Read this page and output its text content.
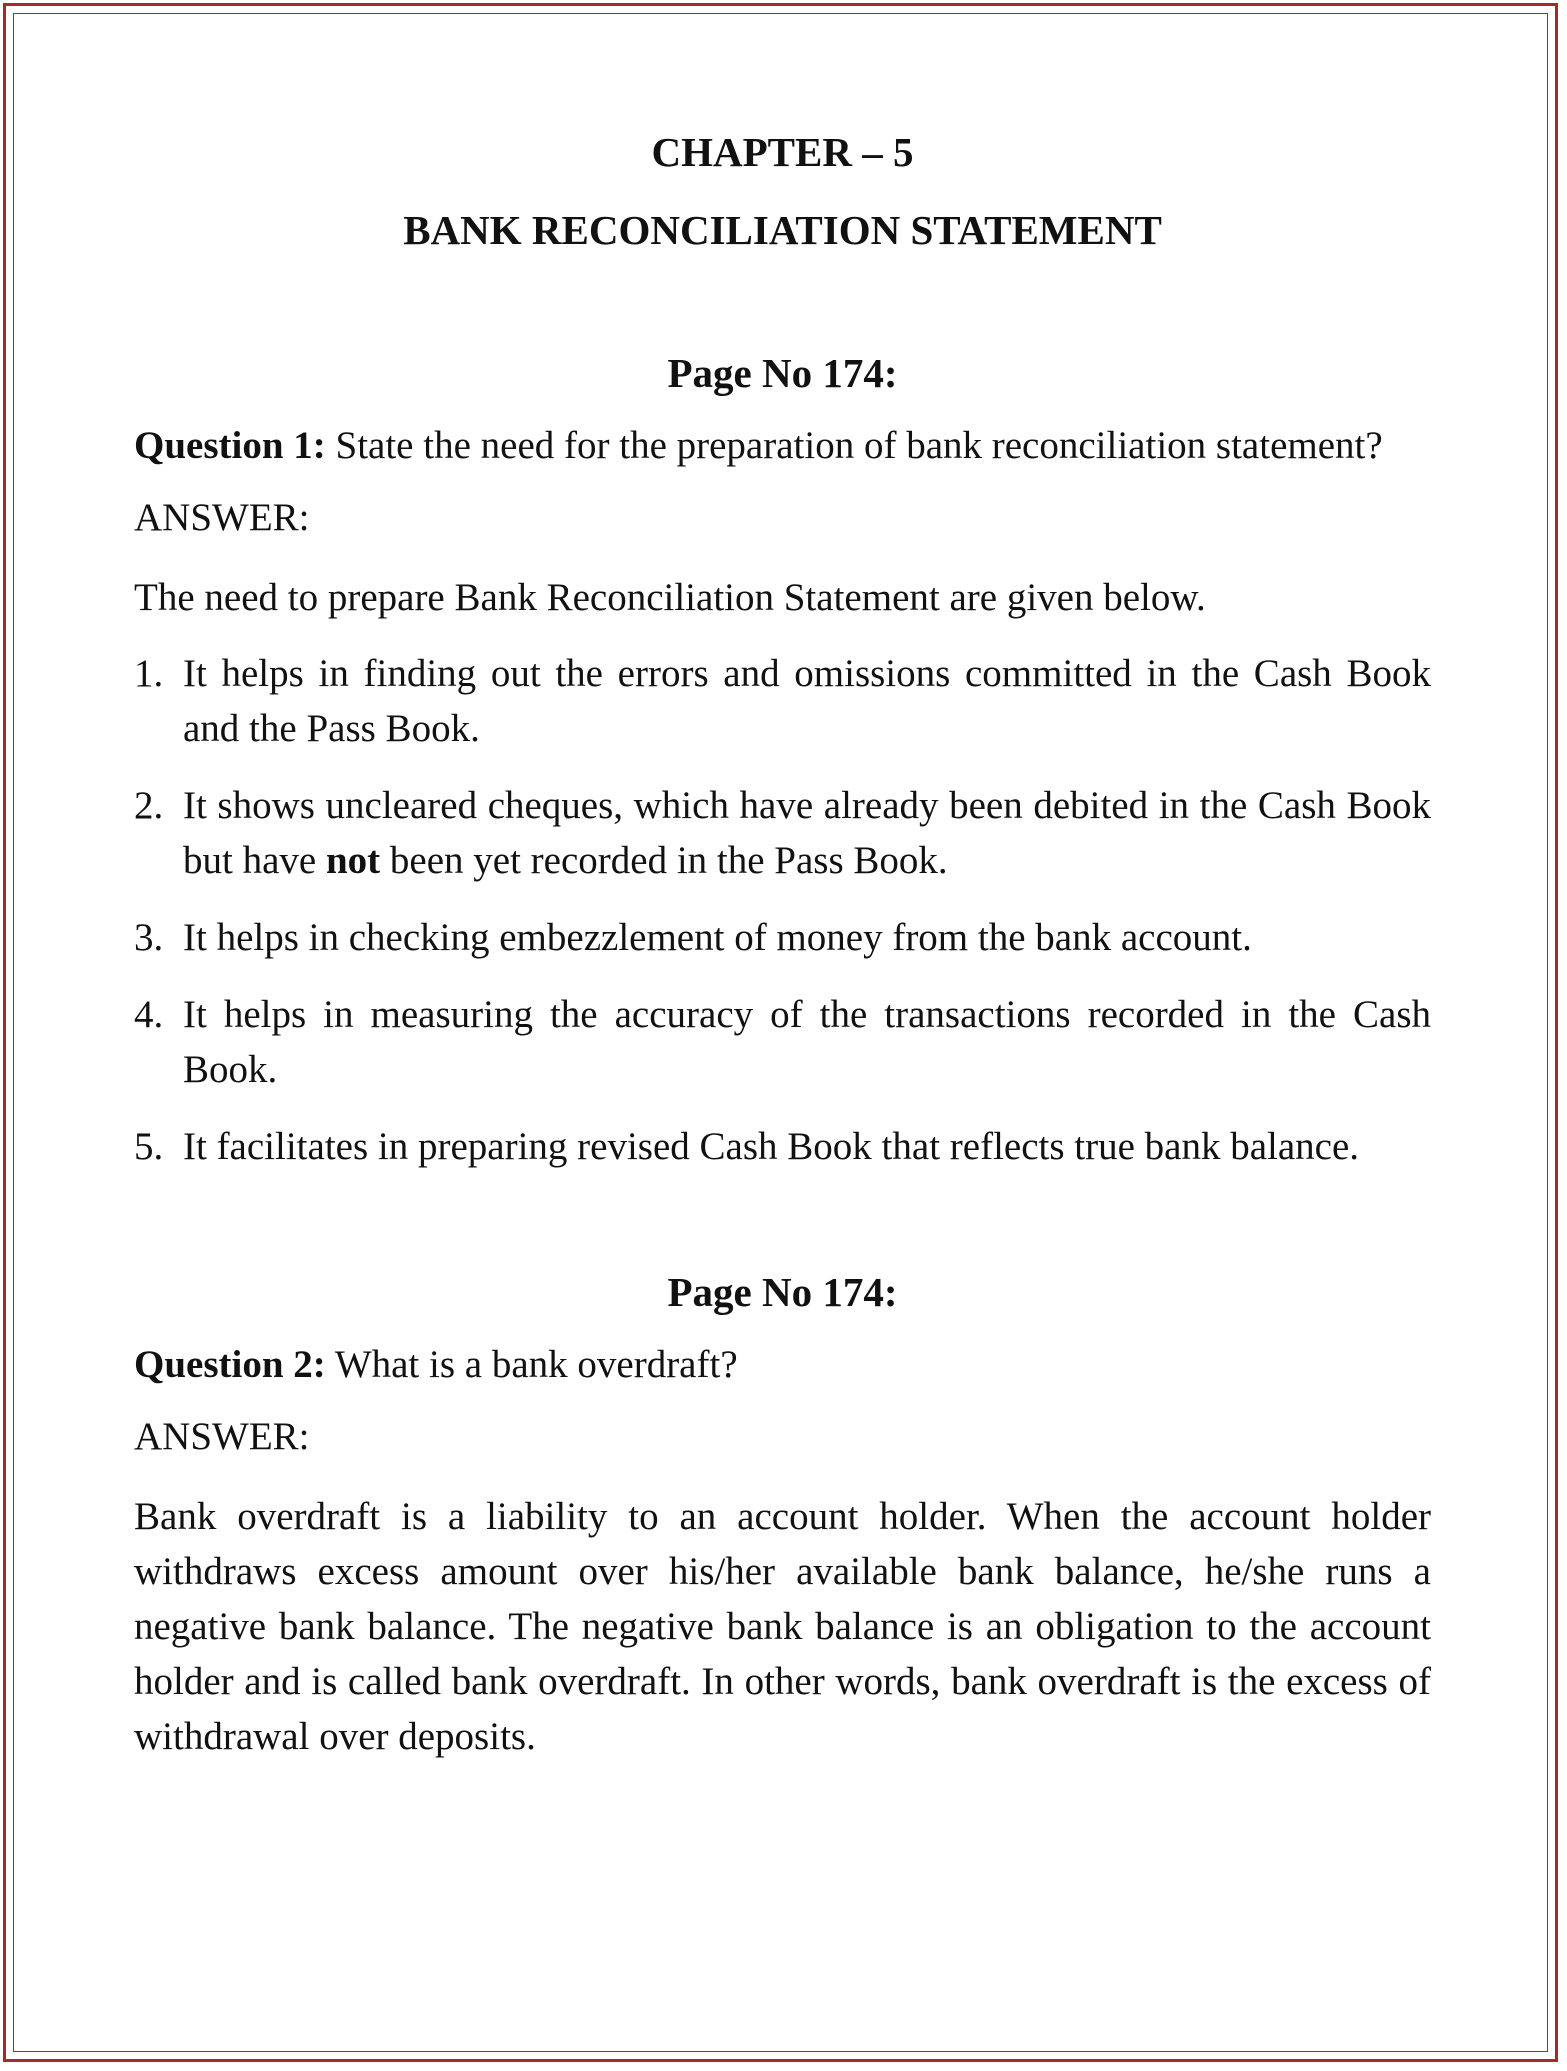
CHAPTER – 5

BANK RECONCILIATION STATEMENT

Page No 174:

Question 1: State the need for the preparation of bank reconciliation statement?

ANSWER:

The need to prepare Bank Reconciliation Statement are given below.

1. It helps in finding out the errors and omissions committed in the Cash Book and the Pass Book.
2. It shows uncleared cheques, which have already been debited in the Cash Book but have not been yet recorded in the Pass Book.
3. It helps in checking embezzlement of money from the bank account.
4. It helps in measuring the accuracy of the transactions recorded in the Cash Book.
5. It facilitates in preparing revised Cash Book that reflects true bank balance.

Page No 174:

Question 2: What is a bank overdraft?

ANSWER:

Bank overdraft is a liability to an account holder. When the account holder withdraws excess amount over his/her available bank balance, he/she runs a negative bank balance. The negative bank balance is an obligation to the account holder and is called bank overdraft. In other words, bank overdraft is the excess of withdrawal over deposits.
